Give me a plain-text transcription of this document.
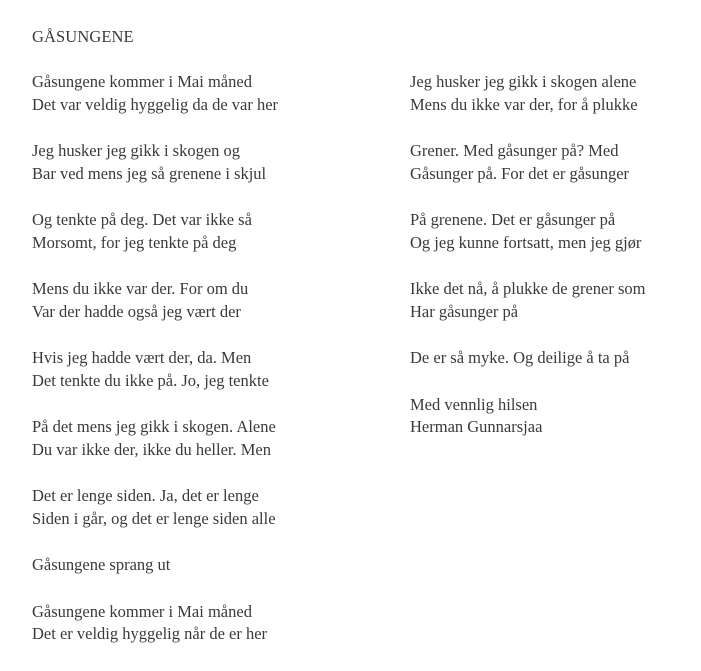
GÅSUNGENE
Gåsungene kommer i Mai måned
Det var veldig hyggelig da de var her
Jeg husker jeg gikk i skogen og
Bar ved mens jeg så grenene i skjul
Og tenkte på deg. Det var ikke så
Morsomt, for jeg tenkte på deg
Mens du ikke var der. For om du
Var der hadde også jeg vært der
Hvis jeg hadde vært der, da. Men
Det tenkte du ikke på. Jo, jeg tenkte
På det mens jeg gikk i skogen. Alene
Du var ikke der, ikke du heller. Men
Det er lenge siden. Ja, det er lenge
Siden i går, og det er lenge siden alle
Gåsungene sprang ut
Gåsungene kommer i Mai måned
Det er veldig hyggelig når de er her
Jeg husker jeg gikk i skogen alene
Mens du ikke var der, for å plukke
Grener. Med gåsunger på? Med
Gåsunger på. For det er gåsunger
På grenene. Det er gåsunger på
Og jeg kunne fortsatt, men jeg gjør
Ikke det nå, å plukke de grener som
Har gåsunger på
De er så myke. Og deilige å ta på
Med vennlig hilsen
Herman Gunnarsjaa
